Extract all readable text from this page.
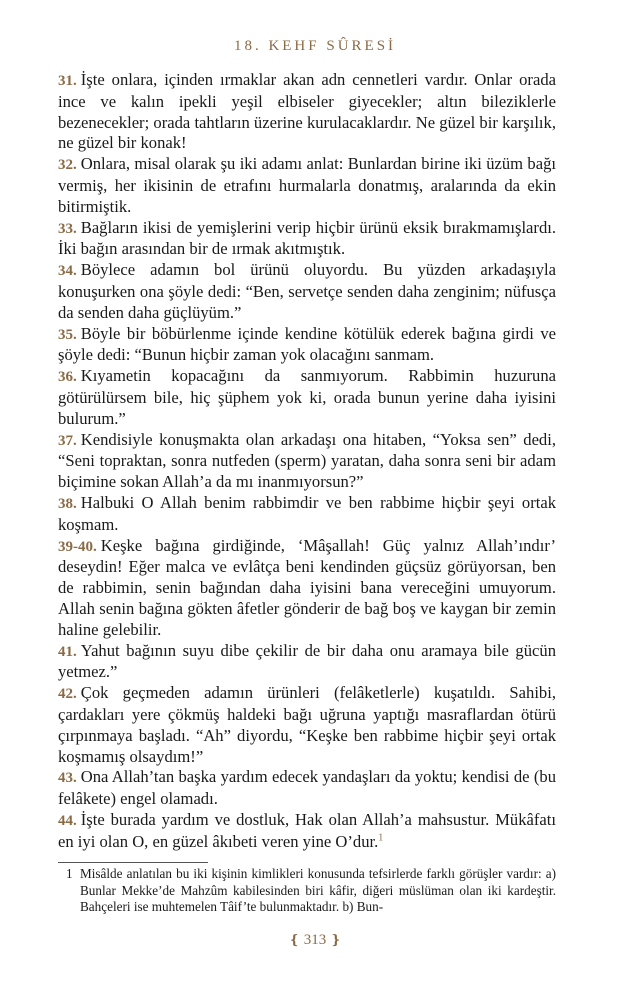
18. KEHF SÛRESİ

31. İşte onlara, içinden ırmaklar akan adn cennetleri vardır. Onlar orada ince ve kalın ipekli yeşil elbiseler giyecekler; altın bileziklerle bezenecekler; orada tahtların üzerine kurulacaklardır. Ne güzel bir karşılık, ne güzel bir konak!

32. Onlara, misal olarak şu iki adamı anlat: Bunlardan birine iki üzüm bağı vermiş, her ikisinin de etrafını hurmalarla donatmış, aralarında da ekin bitirmiştik.

33. Bağların ikisi de yemişlerini verip hiçbir ürünü eksik bırakmamışlardı. İki bağın arasından bir de ırmak akıtmıştık.

34. Böylece adamın bol ürünü oluyordu. Bu yüzden arkadaşıyla konuşurken ona şöyle dedi: “Ben, servetçe senden daha zenginim; nüfusça da senden daha güçlüyüm.”

35. Böyle bir böbürlenme içinde kendine kötülük ederek bağına girdi ve şöyle dedi: “Bunun hiçbir zaman yok olacağını sanmam.

36. Kıyametin kopacağını da sanmıyorum. Rabbimin huzuruna götürülürsem bile, hiç şüphem yok ki, orada bunun yerine daha iyisini bulurum.”

37. Kendisiyle konuşmakta olan arkadaşı ona hitaben, “Yoksa sen” dedi, “Seni topraktan, sonra nutfeden (sperm) yaratan, daha sonra seni bir adam biçimine sokan Allah’a da mı inanmıyorsun?”

38. Halbuki O Allah benim rabbimdir ve ben rabbime hiçbir şeyi ortak koşmam.

39-40. Keşke bağına girdiğinde, ‘Mâşallah! Güç yalnız Allah’ındır’ deseydin! Eğer malca ve evlâtça beni kendinden güçsüz görüyorsan, ben de rabbimin, senin bağından daha iyisini bana vereceğini umuyorum. Allah senin bağına gökten âfetler gönderir de bağ boş ve kaygan bir zemin haline gelebilir.

41. Yahut bağının suyu dibe çekilir de bir daha onu aramaya bile gücün yetmez.”

42. Çok geçmeden adamın ürünleri (felâketlerle) kuşatıldı. Sahibi, çardakları yere çökmüş haldeki bağı uğruna yaptığı masraflardan ötürü çırpınmaya başladı. “Ah” diyordu, “Keşke ben rabbime hiçbir şeyi ortak koşmamış olsaydım!”

43. Ona Allah’tan başka yardım edecek yandaşları da yoktu; kendisi de (bu felâkete) engel olamadı.

44. İşte burada yardım ve dostluk, Hak olan Allah’a mahsustur. Mükâfatı en iyi olan O, en güzel âkıbeti veren yine O’dur.$^1$

1 Misâlde anlatılan bu iki kişinin kimlikleri konusunda tefsirlerde farklı görüşler vardır: a) Bunlar Mekke’de Mahzûm kabilesinden biri kâfir, diğeri müslüman olan iki kardeştir. Bahçeleri ise muhtemelen Tâif’te bulunmaktadır. b) Bun-
❴ 313 ❵
